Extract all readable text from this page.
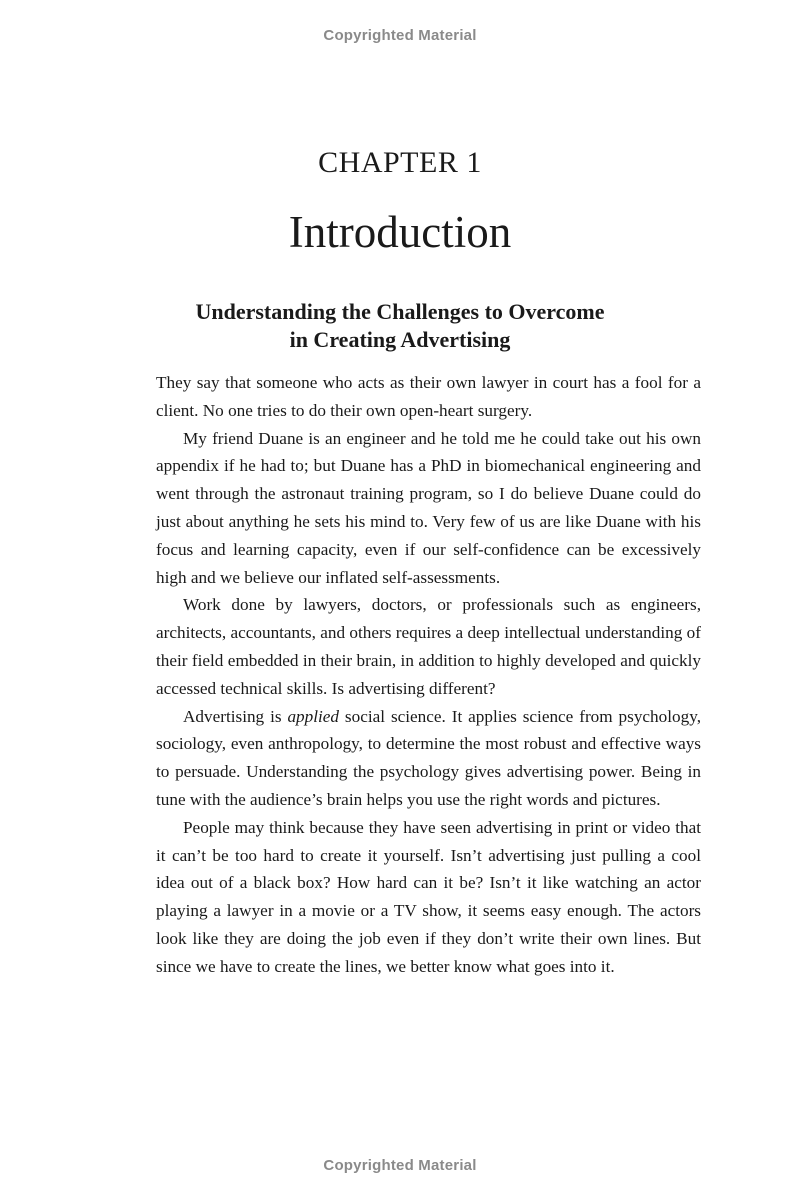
Copyrighted Material
CHAPTER 1
Introduction
Understanding the Challenges to Overcome
in Creating Advertising

They say that someone who acts as their own lawyer in court has a fool for a client. No one tries to do their own open-heart surgery.

My friend Duane is an engineer and he told me he could take out his own appendix if he had to; but Duane has a PhD in biomechanical engineering and went through the astronaut training program, so I do believe Duane could do just about anything he sets his mind to. Very few of us are like Duane with his focus and learning capacity, even if our self-confidence can be excessively high and we believe our inflated self-assessments.

Work done by lawyers, doctors, or professionals such as engineers, architects, accountants, and others requires a deep intellectual understanding of their field embedded in their brain, in addition to highly developed and quickly accessed technical skills. Is advertising different?

Advertising is applied social science. It applies science from psychology, sociology, even anthropology, to determine the most robust and effective ways to persuade. Understanding the psychology gives advertising power. Being in tune with the audience’s brain helps you use the right words and pictures.

People may think because they have seen advertising in print or video that it can’t be too hard to create it yourself. Isn’t advertising just pulling a cool idea out of a black box? How hard can it be? Isn’t it like watching an actor playing a lawyer in a movie or a TV show, it seems easy enough. The actors look like they are doing the job even if they don’t write their own lines. But since we have to create the lines, we better know what goes into it.

Copyrighted Material
